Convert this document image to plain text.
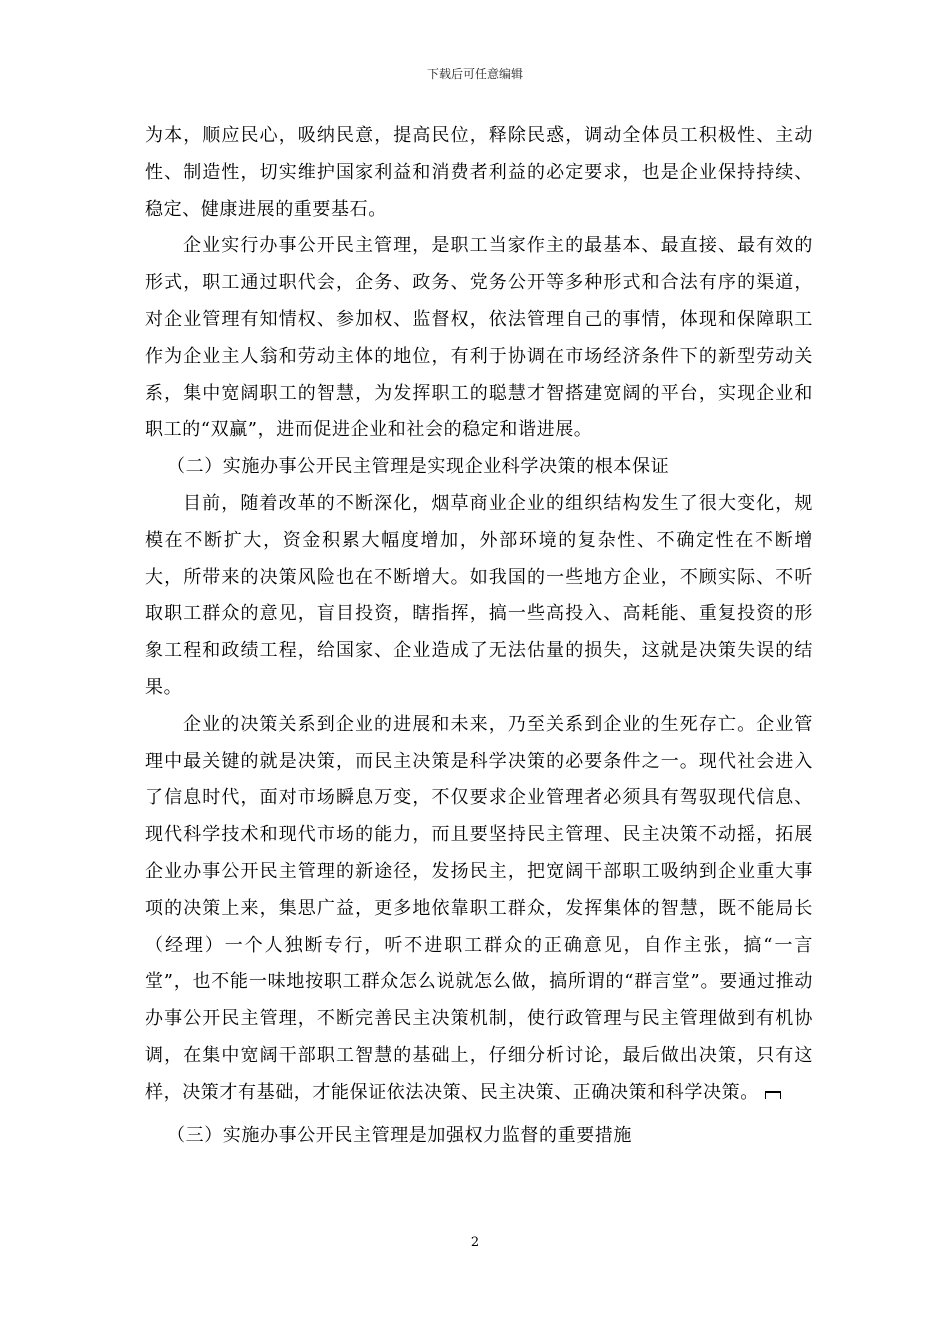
下载后可任意编辑

为本，顺应民心，吸纳民意，提高民位，释除民惑，调动全体员工积极性、主动性、制造性，切实维护国家利益和消费者利益的必定要求，也是企业保持持续、稳定、健康进展的重要基石。

企业实行办事公开民主管理，是职工当家作主的最基本、最直接、最有效的形式，职工通过职代会，企务、政务、党务公开等多种形式和合法有序的渠道，对企业管理有知情权、参加权、监督权，依法管理自己的事情，体现和保障职工作为企业主人翁和劳动主体的地位，有利于协调在市场经济条件下的新型劳动关系，集中宽阔职工的智慧，为发挥职工的聪慧才智搭建宽阔的平台，实现企业和职工的“双赢”，进而促进企业和社会的稳定和谐进展。

（二）实施办事公开民主管理是实现企业科学决策的根本保证

目前，随着改革的不断深化，烟草商业企业的组织结构发生了很大变化，规模在不断扩大，资金积累大幅度增加，外部环境的复杂性、不确定性在不断增大，所带来的决策风险也在不断增大。如我国的一些地方企业，不顾实际、不听取职工群众的意见，盲目投资，瞎指挥，搞一些高投入、高耗能、重复投资的形象工程和政绩工程，给国家、企业造成了无法估量的损失，这就是决策失误的结果。

企业的决策关系到企业的进展和未来，乃至关系到企业的生死存亡。企业管理中最关键的就是决策，而民主决策是科学决策的必要条件之一。现代社会进入了信息时代，面对市场瞬息万变，不仅要求企业管理者必须具有驾驭现代信息、现代科学技术和现代市场的能力，而且要坚持民主管理、民主决策不动摇，拓展企业办事公开民主管理的新途径，发扬民主，把宽阔干部职工吸纳到企业重大事项的决策上来，集思广益，更多地依靠职工群众，发挥集体的智慧，既不能局长（经理）一个人独断专行，听不进职工群众的正确意见，自作主张，搞“一言堂”，也不能一味地按职工群众怎么说就怎么做，搞所谓的“群言堂”。要通过推动办事公开民主管理，不断完善民主决策机制，使行政管理与民主管理做到有机协调，在集中宽阔干部职工智慧的基础上，仔细分析讨论，最后做出决策，只有这样，决策才有基础，才能保证依法决策、民主决策、正确决策和科学决策。

（三）实施办事公开民主管理是加强权力监督的重要措施

2
